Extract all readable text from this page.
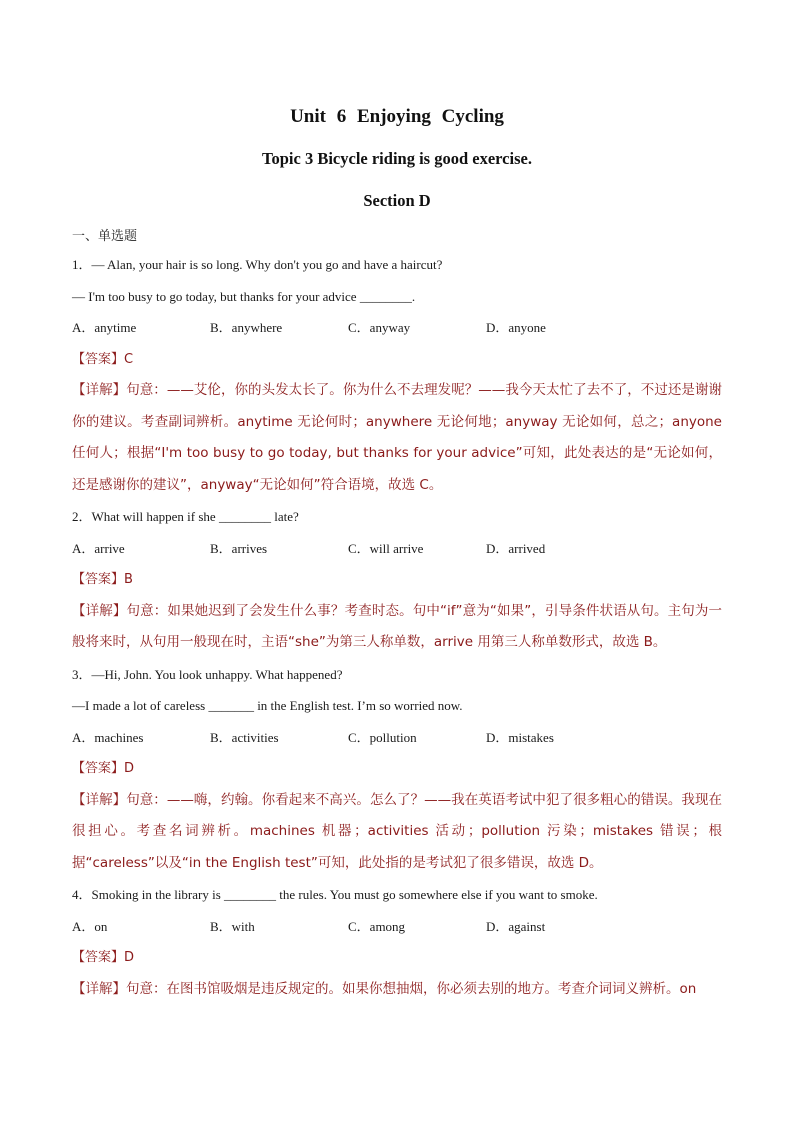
Unit 6 Enjoying Cycling
Topic 3 Bicycle riding is good exercise.
Section D
一、单选题
1．— Alan, your hair is so long. Why don't you go and have a haircut?
— I'm too busy to go today, but thanks for your advice ________.
A．anytime	B．anywhere	C．anyway	D．anyone
【答案】C
【详解】句意：——艾伦，你的头发太长了。你为什么不去理发呢？——我今天太忙了去不了，不过还是谢谢你的建议。考查副词辨析。anytime 无论何时；anywhere 无论何地；anyway 无论如何，总之；anyone 任何人；根据“I'm too busy to go today, but thanks for your advice”可知，此处表达的是“无论如何，还是感谢你的建议”，anyway“无论如何”符合语境，故选 C。
2．What will happen if she ________ late?
A．arrive	B．arrives	C．will arrive	D．arrived
【答案】B
【详解】句意：如果她迟到了会发生什么事？考查时态。句中“if”意为“如果”，引导条件状语从句。主句为一般将来时，从句用一般现在时，主语“she”为第三人称单数，arrive 用第三人称单数形式，故选 B。
3．—Hi, John. You look unhappy. What happened?
—I made a lot of careless _______ in the English test. I’m so worried now.
A．machines	B．activities	C．pollution	D．mistakes
【答案】D
【详解】句意：——嗨，约翰。你看起来不高兴。怎么了？——我在英语考试中犯了很多粗心的错误。我现在很担心。考查名词辨析。machines 机器；activities 活动；pollution 污染；mistakes 错误；根据“careless”以及“in the English test”可知，此处指的是考试犯了很多错误，故选 D。
4．Smoking in the library is ________ the rules. You must go somewhere else if you want to smoke.
A．on	B．with	C．among	D．against
【答案】D
【详解】句意：在图书馆吸烟是违反规定的。如果你想抽烟，你必须去别的地方。考查介词词义辨析。on
